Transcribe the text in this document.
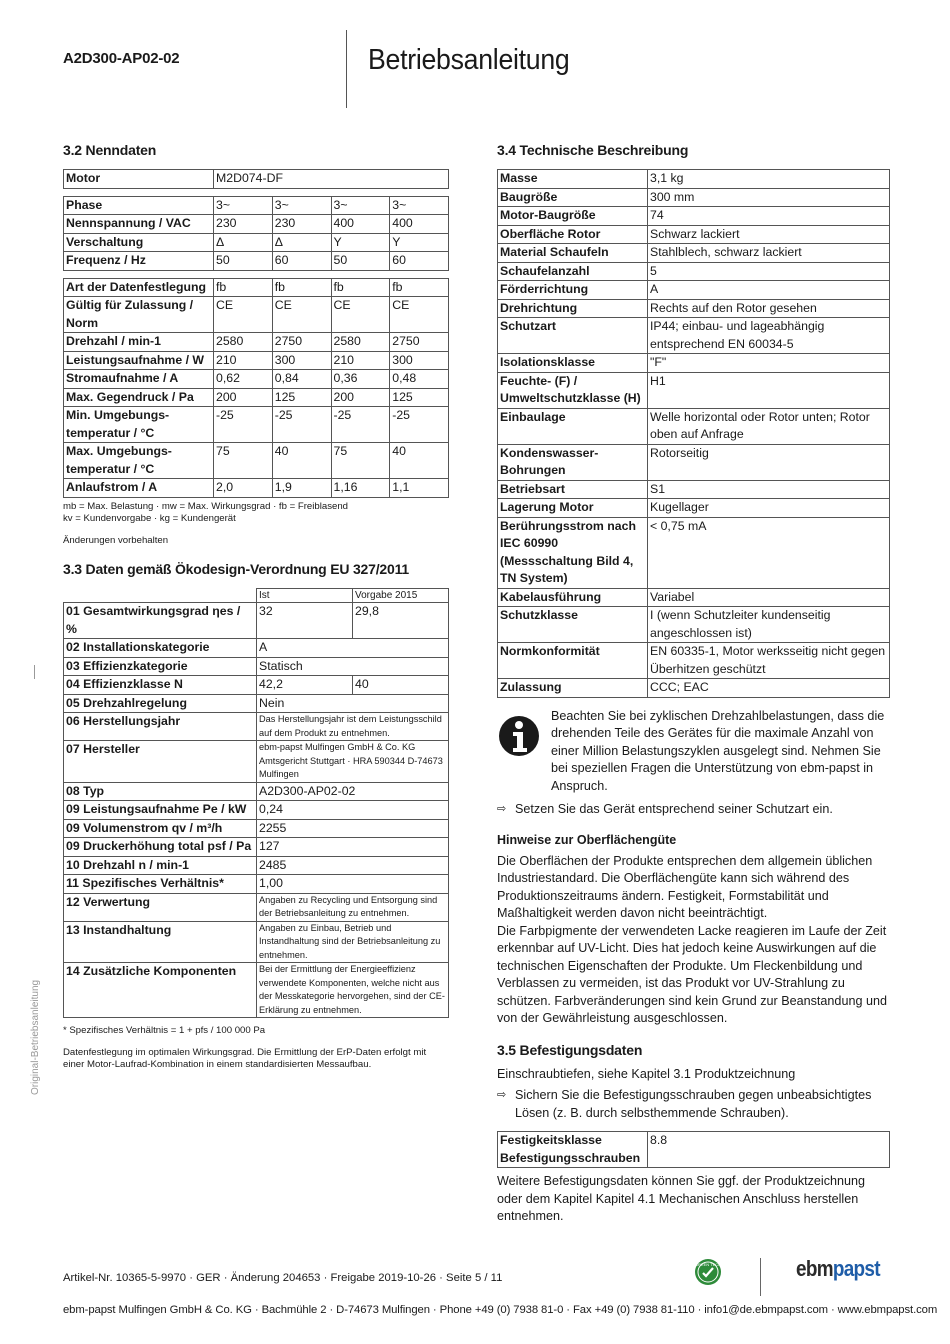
A2D300-AP02-02	Betriebsanleitung
Original-Betriebsanleitung
3.2 Nenndaten
Motor	M2D074-DF			

Phase	3~	3~	3~	3~
Nennspannung / VAC	230	230	400	400
Verschaltung	Δ	Δ	Y	Y
Frequenz / Hz	50	60	50	60

Art der Datenfestlegung	fb	fb	fb	fb
Gültig für Zulassung / Norm	CE	CE	CE	CE
Drehzahl / min-1	2580	2750	2580	2750
Leistungsaufnahme / W	210	300	210	300
Stromaufnahme / A	0,62	0,84	0,36	0,48
Max. Gegendruck / Pa	200	125	200	125
Min. Umgebungs-temperatur / °C	-25	-25	-25	-25
Max. Umgebungs-temperatur / °C	75	40	75	40
Anlaufstrom / A	2,0	1,9	1,16	1,1
mb = Max. Belastung · mw = Max. Wirkungsgrad · fb = Freiblasend
kv = Kundenvorgabe · kg = Kundengerät
Änderungen vorbehalten
3.3 Daten gemäß Ökodesign-Verordnung EU 327/2011
	Ist	Vorgabe 2015
01 Gesamtwirkungsgrad ηes / %	32	29,8
02 Installationskategorie	A	
03 Effizienzkategorie	Statisch	
04 Effizienzklasse N	42,2	40
05 Drehzahlregelung	Nein	
06 Herstellungsjahr	Das Herstellungsjahr ist dem Leistungsschild auf dem Produkt zu entnehmen.	
07 Hersteller	ebm-papst Mulfingen GmbH & Co. KG Amtsgericht Stuttgart · HRA 590344 D-74673 Mulfingen	
08 Typ	A2D300-AP02-02	
09 Leistungsaufnahme Pe / kW	0,24	
09 Volumenstrom qv / m³/h	2255	
09 Druckerhöhung total psf / Pa	127	
10 Drehzahl n / min-1	2485	
11 Spezifisches Verhältnis*	1,00	
12 Verwertung	Angaben zu Recycling und Entsorgung sind der Betriebsanleitung zu entnehmen.	
13 Instandhaltung	Angaben zu Einbau, Betrieb und Instandhaltung sind der Betriebsanleitung zu entnehmen.	
14 Zusätzliche Komponenten	Bei der Ermittlung der Energieeffizienz verwendete Komponenten, welche nicht aus der Messkategorie hervorgehen, sind der CE-Erklärung zu entnehmen.	
* Spezifisches Verhältnis = 1 + pfs / 100 000 Pa
Datenfestlegung im optimalen Wirkungsgrad. Die Ermittlung der ErP-Daten erfolgt mit einer Motor-Laufrad-Kombination in einem standardisierten Messaufbau.
3.4 Technische Beschreibung
Masse	3,1 kg
Baugröße	300 mm
Motor-Baugröße	74
Oberfläche Rotor	Schwarz lackiert
Material Schaufeln	Stahlblech, schwarz lackiert
Schaufelanzahl	5
Förderrichtung	A
Drehrichtung	Rechts auf den Rotor gesehen
Schutzart	IP44; einbau- und lageabhängig entsprechend EN 60034-5
Isolationsklasse	"F"
Feuchte- (F) / Umweltschutzklasse (H)	H1
Einbaulage	Welle horizontal oder Rotor unten; Rotor oben auf Anfrage
Kondenswasser-Bohrungen	Rotorseitig
Betriebsart	S1
Lagerung Motor	Kugellager
Berührungsstrom nach IEC 60990 (Messschaltung Bild 4, TN System)	< 0,75 mA
Kabelausführung	Variabel
Schutzklasse	I (wenn Schutzleiter kundenseitig angeschlossen ist)
Normkonformität	EN 60335-1, Motor werksseitig nicht gegen Überhitzen geschützt
Zulassung	CCC; EAC
Beachten Sie bei zyklischen Drehzahlbelastungen, dass die drehenden Teile des Gerätes für die maximale Anzahl von einer Million Belastungszyklen ausgelegt sind. Nehmen Sie bei speziellen Fragen die Unterstützung von ebm-papst in Anspruch.
⇨ Setzen Sie das Gerät entsprechend seiner Schutzart ein.
Hinweise zur Oberflächengüte
Die Oberflächen der Produkte entsprechen dem allgemein üblichen Industriestandard. Die Oberflächengüte kann sich während des Produktionszeitraums ändern. Festigkeit, Formstabilität und Maßhaltigkeit werden davon nicht beeinträchtigt.
Die Farbpigmente der verwendeten Lacke reagieren im Laufe der Zeit erkennbar auf UV-Licht. Dies hat jedoch keine Auswirkungen auf die technischen Eigenschaften der Produkte. Um Fleckenbildung und Verblassen zu vermeiden, ist das Produkt vor UV-Strahlung zu schützen. Farbveränderungen sind kein Grund zur Beanstandung und von der Gewährleistung ausgeschlossen.
3.5 Befestigungsdaten
Einschraubtiefen, siehe Kapitel 3.1 Produktzeichnung
⇨ Sichern Sie die Befestigungsschrauben gegen unbeabsichtigtes Lösen (z. B. durch selbsthemmende Schrauben).
Festigkeitsklasse Befestigungsschrauben	8.8
Weitere Befestigungsdaten können Sie ggf. der Produktzeichnung oder dem Kapitel Kapitel 4.1 Mechanischen Anschluss herstellen entnehmen.
Artikel-Nr. 10365-5-9970 · GER · Änderung 204653 · Freigabe 2019-10-26 · Seite 5 / 11
GREEN TECH	ebmpapst
ebm-papst Mulfingen GmbH & Co. KG · Bachmühle 2 · D-74673 Mulfingen · Phone +49 (0) 7938 81-0 · Fax +49 (0) 7938 81-110 · info1@de.ebmpapst.com · www.ebmpapst.com
